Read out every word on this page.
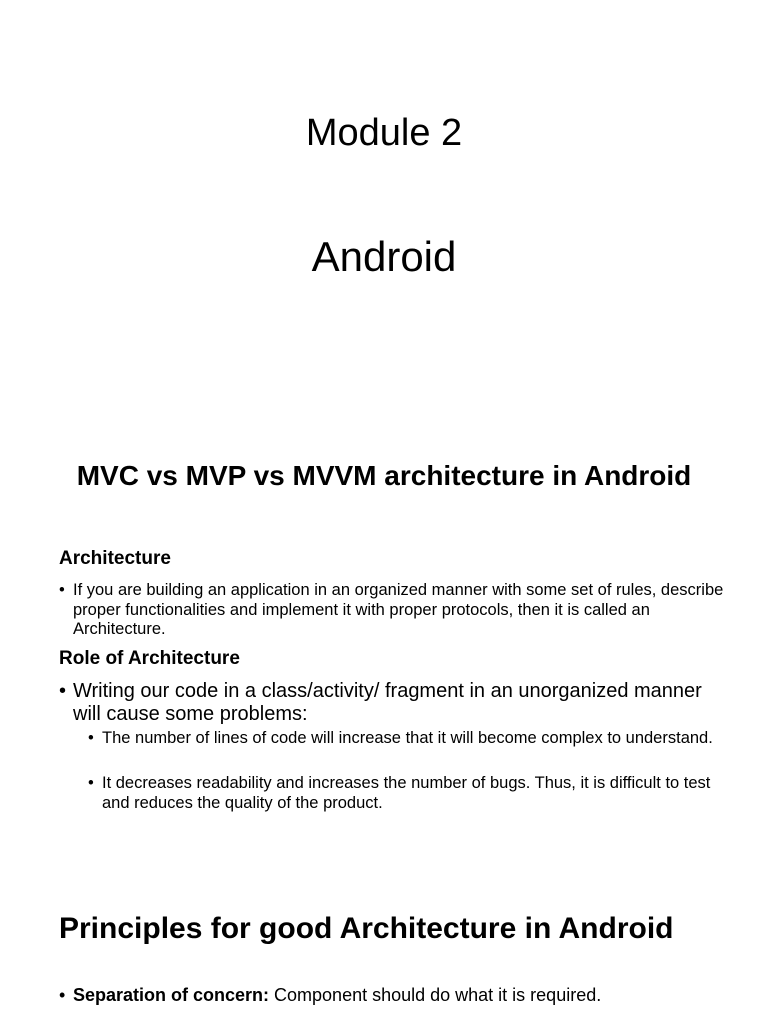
Module 2
Android
MVC vs MVP vs MVVM architecture in Android
Architecture
• If you are building an application in an organized manner with some set of rules, describe proper functionalities and implement it with proper protocols, then it is called an Architecture.
Role of Architecture
• Writing our code in a class/activity/ fragment in an unorganized manner will cause some problems:
• The number of lines of code will increase that it will become complex to understand.
• It decreases readability and increases the number of bugs. Thus, it is difficult to test and reduces the quality of the product.
Principles for good Architecture in Android
• Separation of concern: Component should do what it is required.
